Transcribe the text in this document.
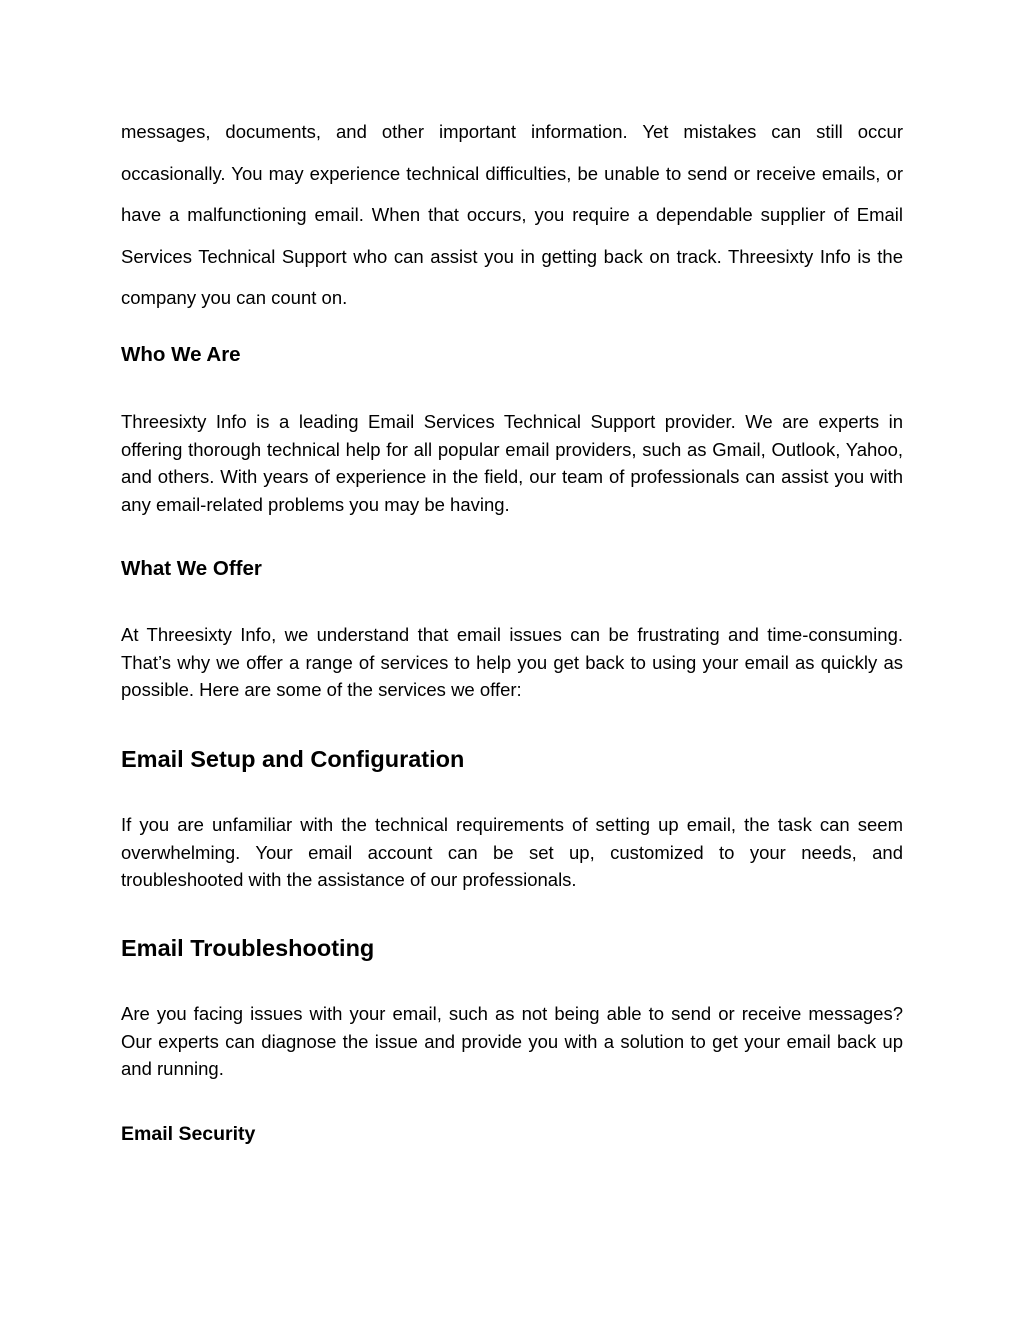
messages, documents, and other important information. Yet mistakes can still occur occasionally. You may experience technical difficulties, be unable to send or receive emails, or have a malfunctioning email. When that occurs, you require a dependable supplier of Email Services Technical Support who can assist you in getting back on track. Threesixty Info is the company you can count on.

Who We Are

Threesixty Info is a leading Email Services Technical Support provider. We are experts in offering thorough technical help for all popular email providers, such as Gmail, Outlook, Yahoo, and others. With years of experience in the field, our team of professionals can assist you with any email-related problems you may be having.

What We Offer

At Threesixty Info, we understand that email issues can be frustrating and time-consuming. That’s why we offer a range of services to help you get back to using your email as quickly as possible. Here are some of the services we offer:

Email Setup and Configuration

If you are unfamiliar with the technical requirements of setting up email, the task can seem overwhelming. Your email account can be set up, customized to your needs, and troubleshooted with the assistance of our professionals.

Email Troubleshooting

Are you facing issues with your email, such as not being able to send or receive messages? Our experts can diagnose the issue and provide you with a solution to get your email back up and running.

Email Security
